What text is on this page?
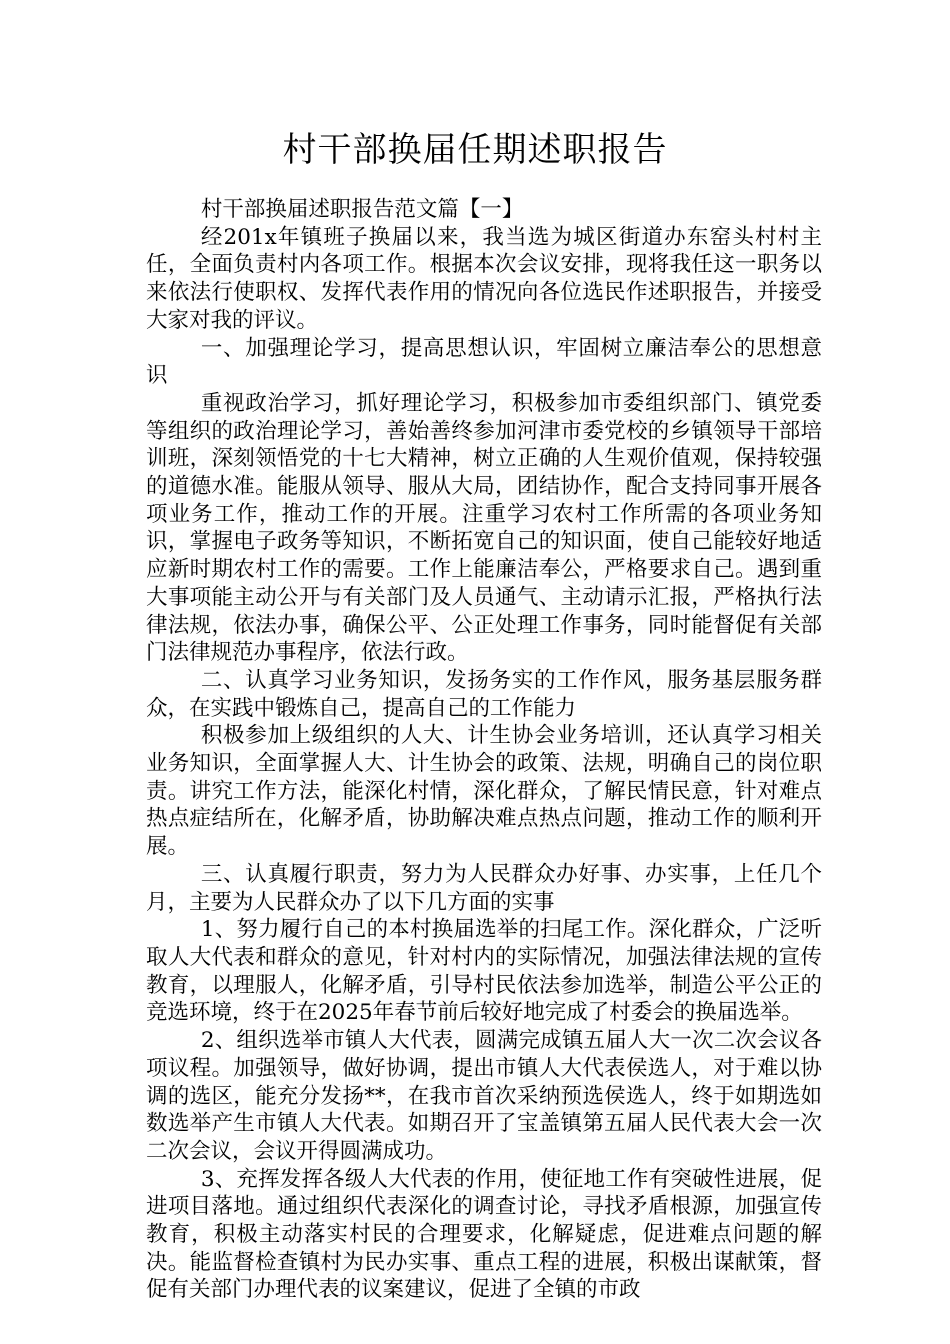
村干部换届任期述职报告

村干部换届述职报告范文篇【一】

经201x年镇班子换届以来，我当选为城区街道办东窑头村村主任，全面负责村内各项工作。根据本次会议安排，现将我任这一职务以来依法行使职权、发挥代表作用的情况向各位选民作述职报告，并接受大家对我的评议。

一、加强理论学习，提高思想认识，牢固树立廉洁奉公的思想意识

重视政治学习，抓好理论学习，积极参加市委组织部门、镇党委等组织的政治理论学习，善始善终参加河津市委党校的乡镇领导干部培训班，深刻领悟党的十七大精神，树立正确的人生观价值观，保持较强的道德水准。能服从领导、服从大局，团结协作，配合支持同事开展各项业务工作，推动工作的开展。注重学习农村工作所需的各项业务知识，掌握电子政务等知识，不断拓宽自己的知识面，使自己能较好地适应新时期农村工作的需要。工作上能廉洁奉公，严格要求自己。遇到重大事项能主动公开与有关部门及人员通气、主动请示汇报，严格执行法律法规，依法办事，确保公平、公正处理工作事务，同时能督促有关部门法律规范办事程序，依法行政。

二、认真学习业务知识，发扬务实的工作作风，服务基层服务群众，在实践中锻炼自己，提高自己的工作能力

积极参加上级组织的人大、计生协会业务培训，还认真学习相关业务知识，全面掌握人大、计生协会的政策、法规，明确自己的岗位职责。讲究工作方法，能深化村情，深化群众，了解民情民意，针对难点热点症结所在，化解矛盾，协助解决难点热点问题，推动工作的顺利开展。

三、认真履行职责，努力为人民群众办好事、办实事，上任几个月，主要为人民群众办了以下几方面的实事

1、努力履行自己的本村换届选举的扫尾工作。深化群众，广泛听取人大代表和群众的意见，针对村内的实际情况，加强法律法规的宣传教育，以理服人，化解矛盾，引导村民依法参加选举，制造公平公正的竞选环境，终于在2025年春节前后较好地完成了村委会的换届选举。

2、组织选举市镇人大代表，圆满完成镇五届人大一次二次会议各项议程。加强领导，做好协调，提出市镇人大代表侯选人，对于难以协调的选区，能充分发扬**，在我市首次采纳预选侯选人，终于如期选如数选举产生市镇人大代表。如期召开了宝盖镇第五届人民代表大会一次二次会议，会议开得圆满成功。

3、充挥发挥各级人大代表的作用，使征地工作有突破性进展，促进项目落地。通过组织代表深化的调查讨论，寻找矛盾根源，加强宣传教育，积极主动落实村民的合理要求，化解疑虑，促进难点问题的解决。能监督检查镇村为民办实事、重点工程的进展，积极出谋献策，督促有关部门办理代表的议案建议，促进了全镇的市政
